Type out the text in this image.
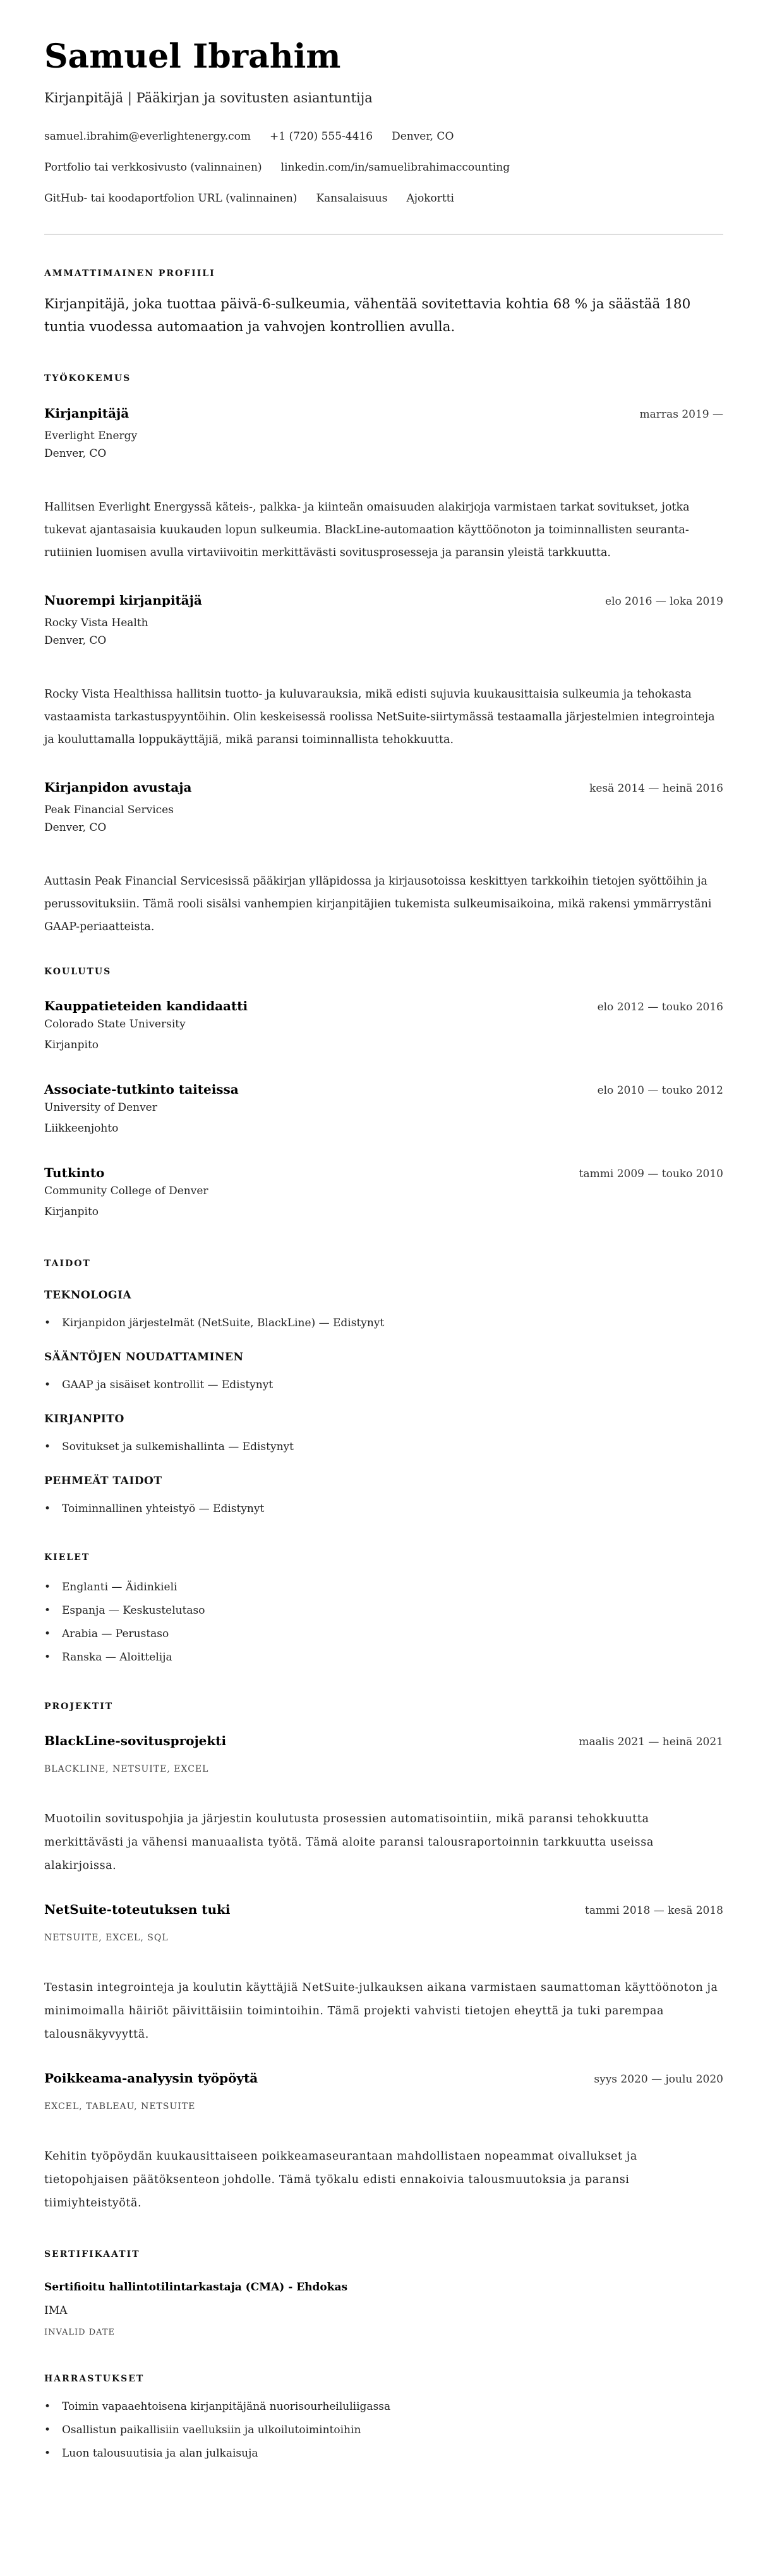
Samuel Ibrahim
Kirjanpitäjä | Pääkirjan ja sovitusten asiantuntija
samuel.ibrahim@everlightenergy.com +1 (720) 555-4416 Denver, CO
Portfolio tai verkkosivusto (valinnainen) linkedin.com/in/samuelibrahimaccounting
GitHub- tai koodaportfolion URL (valinnainen) Kansalaisuus Ajokortti
AMMATTIMAINEN PROFIILI
Kirjanpitäjä, joka tuottaa päivä-6-sulkeumia, vähentää sovitettavia kohtia 68 % ja säästää 180 tuntia vuodessa automaation ja vahvojen kontrollien avulla.
TYÖKOKEMUS
Kirjanpitäjä	marras 2019 —
Everlight Energy
Denver, CO
Hallitsen Everlight Energyssä käteis-, palkka- ja kiinteän omaisuuden alakirjoja varmistaen tarkat sovitukset, jotka tukevat ajantasaisia kuukauden lopun sulkeumia. BlackLine-automaation käyttöönoton ja toiminnallisten seuranta-rutiinien luomisen avulla virtaviivoitin merkittävästi sovitusprosesseja ja paransin yleistä tarkkuutta.
Nuorempi kirjanpitäjä	elo 2016 — loka 2019
Rocky Vista Health
Denver, CO
Rocky Vista Healthissa hallitsin tuotto- ja kuluvarauksia, mikä edisti sujuvia kuukausittaisia sulkeumia ja tehokasta vastaamista tarkastuspyyntöihin. Olin keskeisessä roolissa NetSuite-siirtymässä testaamalla järjestelmien integrointeja ja kouluttamalla loppukäyttäjiä, mikä paransi toiminnallista tehokkuutta.
Kirjanpidon avustaja	kesä 2014 — heinä 2016
Peak Financial Services
Denver, CO
Auttasin Peak Financial Servicesissä pääkirjan ylläpidossa ja kirjausotoissa keskittyen tarkkoihin tietojen syöttöihin ja perussovituksiin. Tämä rooli sisälsi vanhempien kirjanpitäjien tukemista sulkeumisaikoina, mikä rakensi ymmärrystäni GAAP-periaatteista.
KOULUTUS
Kauppatieteiden kandidaatti	elo 2012 — touko 2016
Colorado State University
Kirjanpito
Associate-tutkinto taiteissa	elo 2010 — touko 2012
University of Denver
Liikkeenjohto
Tutkinto	tammi 2009 — touko 2010
Community College of Denver
Kirjanpito
TAIDOT
TEKNOLOGIA
• Kirjanpidon järjestelmät (NetSuite, BlackLine) — Edistynyt
SÄÄNTÖJEN NOUDATTAMINEN
• GAAP ja sisäiset kontrollit — Edistynyt
KIRJANPITO
• Sovitukset ja sulkemishallinta — Edistynyt
PEHMEÄT TAIDOT
• Toiminnallinen yhteistyö — Edistynyt
KIELET
• Englanti — Äidinkieli
• Espanja — Keskustelutaso
• Arabia — Perustaso
• Ranska — Aloittelija
PROJEKTIT
BlackLine-sovitusprojekti	maalis 2021 — heinä 2021
BLACKLINE, NETSUITE, EXCEL
Muotoilin sovituspohjia ja järjestin koulutusta prosessien automatisointiin, mikä paransi tehokkuutta merkittävästi ja vähensi manuaalista työtä. Tämä aloite paransi talousraportoinnin tarkkuutta useissa alakirjoissa.
NetSuite-toteutuksen tuki	tammi 2018 — kesä 2018
NETSUITE, EXCEL, SQL
Testasin integrointeja ja koulutin käyttäjiä NetSuite-julkauksen aikana varmistaen saumattoman käyttöönoton ja minimoimalla häiriöt päivittäisiin toimintoihin. Tämä projekti vahvisti tietojen eheyttä ja tuki parempaa talousnäkyvyyttä.
Poikkeama-analyysin työpöytä	syys 2020 — joulu 2020
EXCEL, TABLEAU, NETSUITE
Kehitin työpöydän kuukausittaiseen poikkeamaseurantaan mahdollistaen nopeammat oivallukset ja tietopohjaisen päätöksenteon johdolle. Tämä työkalu edisti ennakoivia talousmuutoksia ja paransi tiimiyhteistyötä.
SERTIFIKAATIT
Sertifioitu hallintotilintarkastaja (CMA) - Ehdokas
IMA
INVALID DATE
HARRASTUKSET
• Toimin vapaaehtoisena kirjanpitäjänä nuorisourheiluliigassa
• Osallistun paikallisiin vaelluksiin ja ulkoilutoimintoihin
• Luon talousuutisia ja alan julkaisuja
